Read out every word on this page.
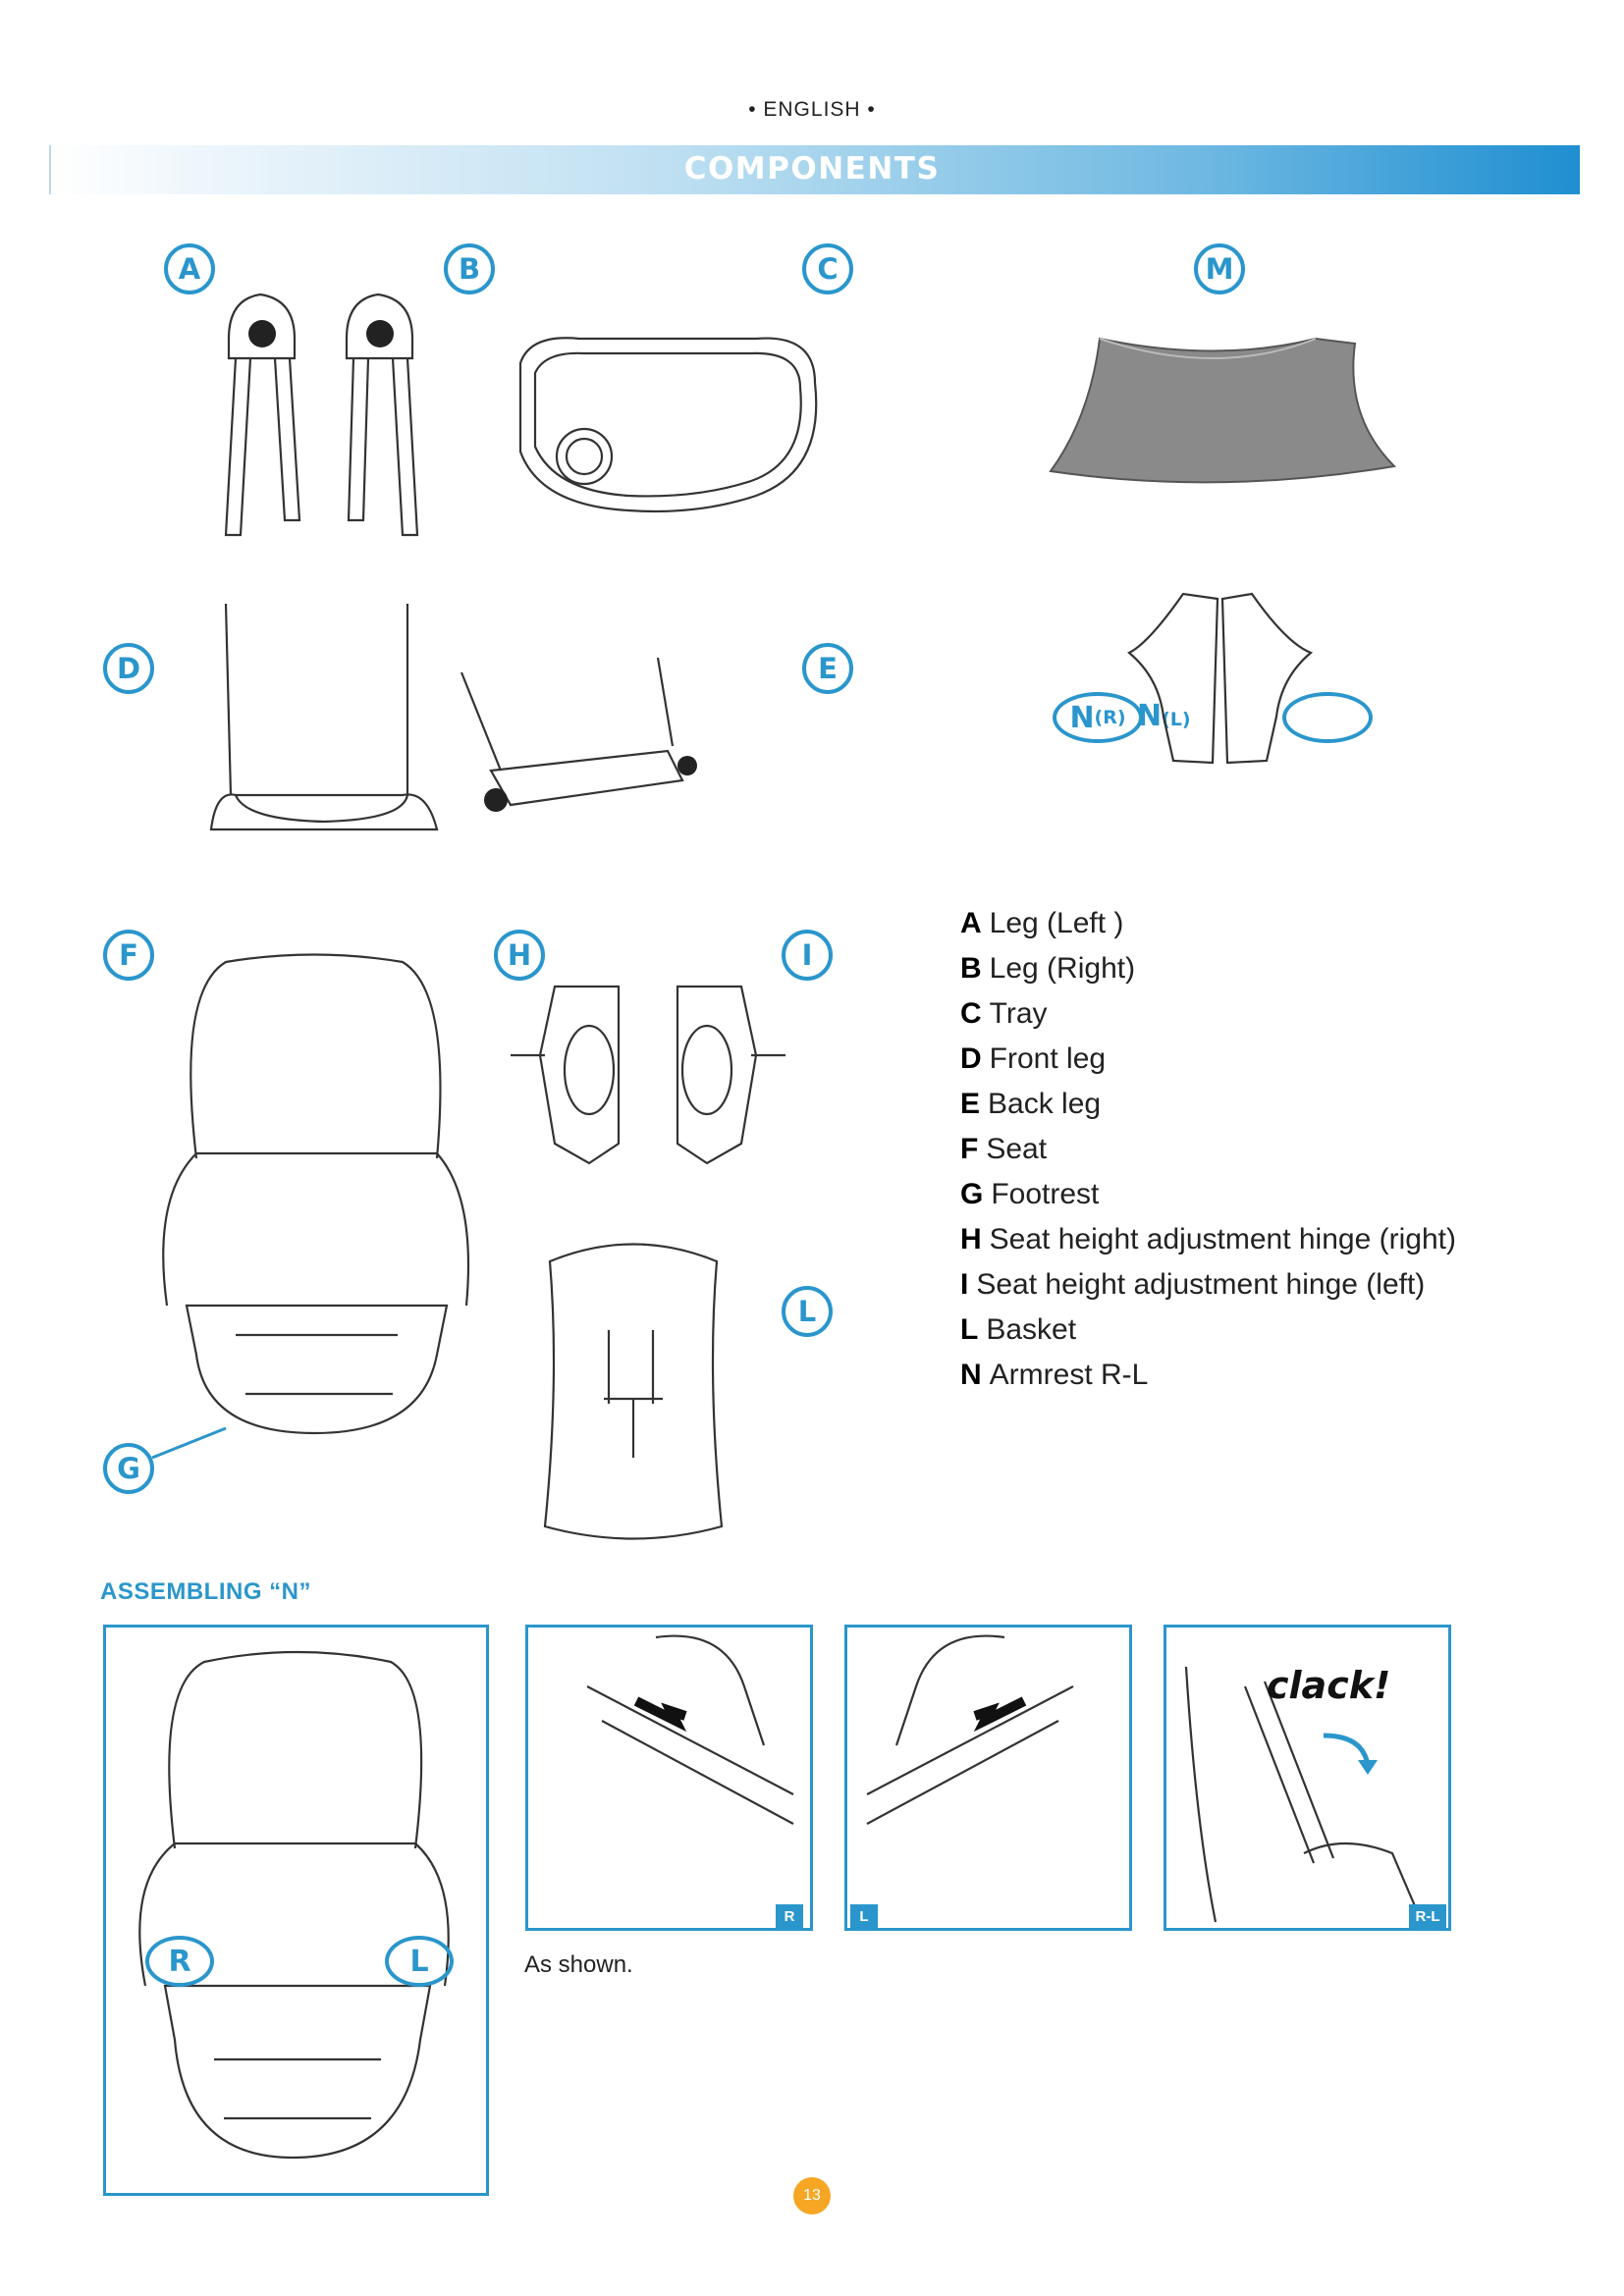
• ENGLISH •
COMPONENTS
A	B	C	M
D	E
F	H	I
L
G
N (R) N(L)
A Leg (Left )
B Leg (Right)
C Tray
D Front leg
E Back leg
F Seat
G Footrest
H Seat height adjustment hinge (right)
I Seat height adjustment hinge (left)
L Basket
N Armrest R-L
ASSEMBLING “N”
R	L
R	L
clack!
R-L
As shown.
13
